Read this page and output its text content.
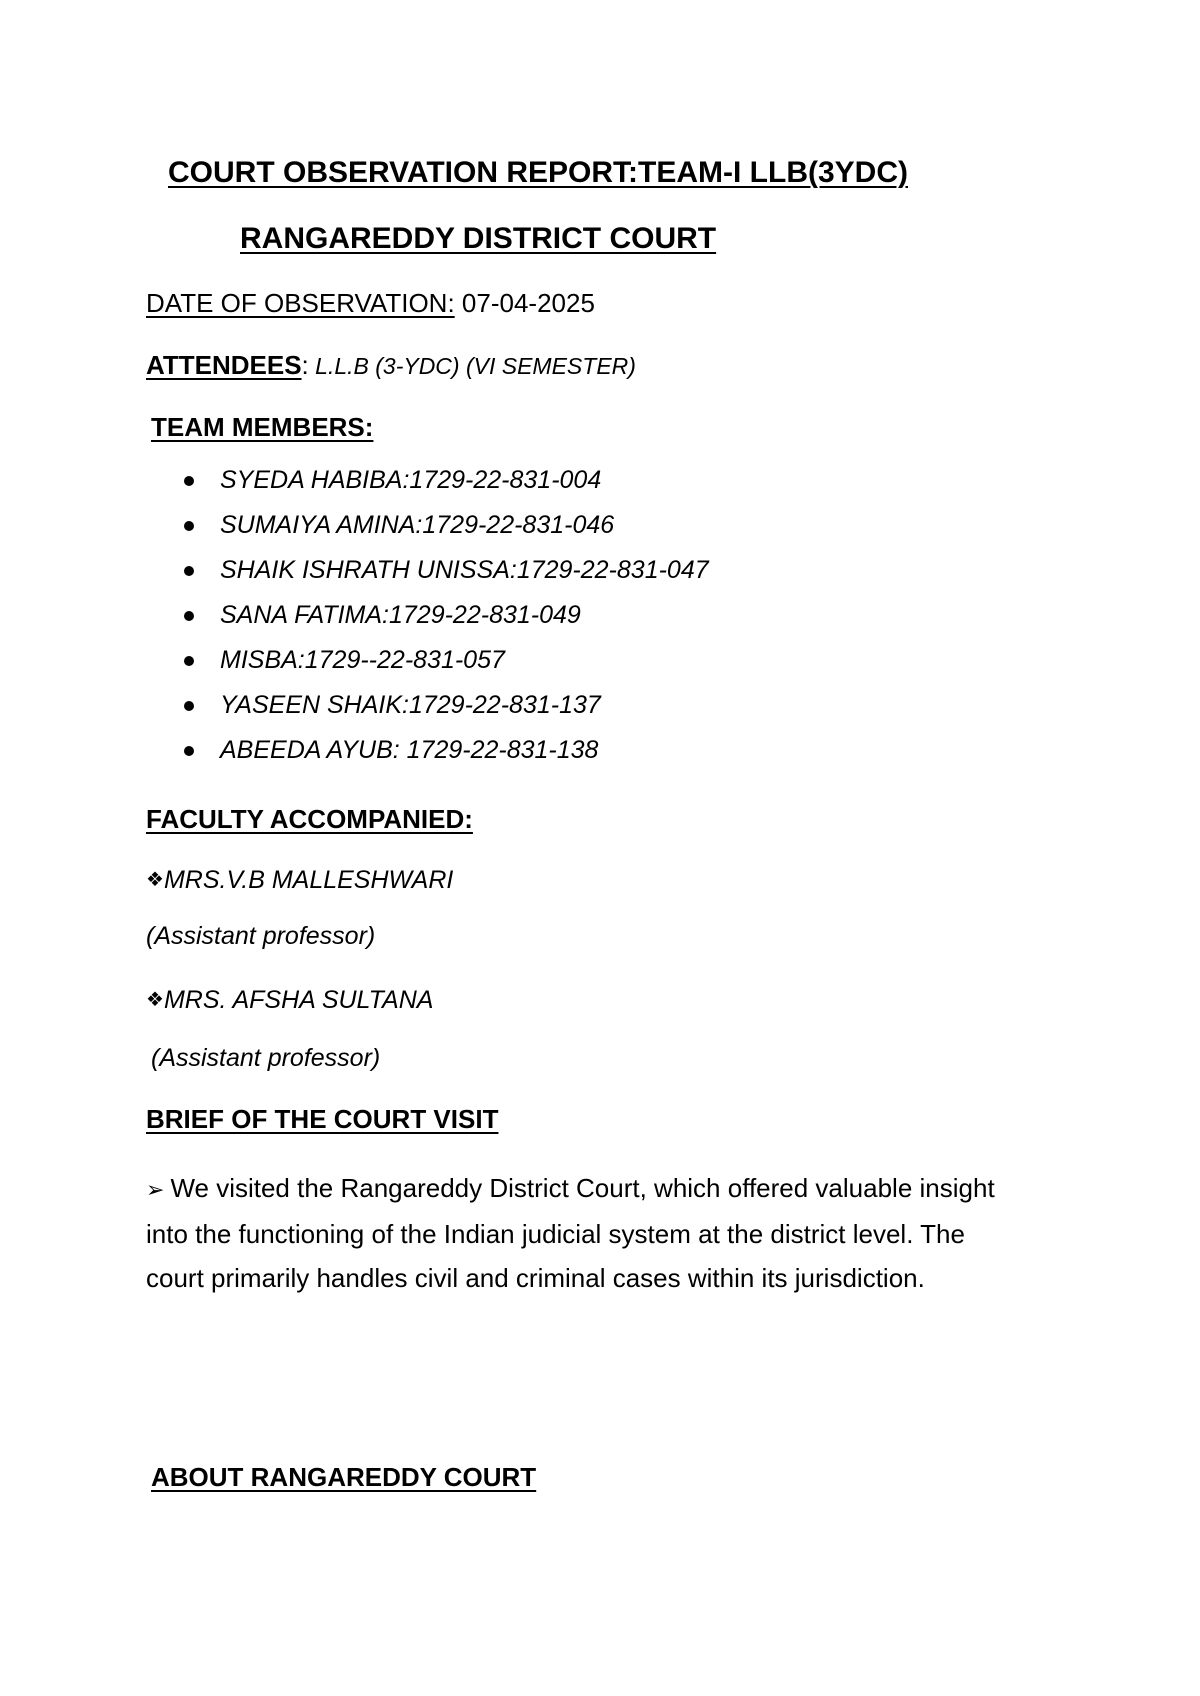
COURT OBSERVATION REPORT:TEAM-I LLB(3YDC)
RANGAREDDY DISTRICT COURT
DATE OF OBSERVATION: 07-04-2025
ATTENDEES: L.L.B (3-YDC) (VI SEMESTER)
TEAM MEMBERS:
SYEDA HABIBA:1729-22-831-004
SUMAIYA AMINA:1729-22-831-046
SHAIK ISHRATH UNISSA:1729-22-831-047
SANA FATIMA:1729-22-831-049
MISBA:1729--22-831-057
YASEEN SHAIK:1729-22-831-137
ABEEDA AYUB: 1729-22-831-138
FACULTY ACCOMPANIED:
❖MRS.V.B MALLESHWARI
(Assistant professor)
❖MRS. AFSHA SULTANA
(Assistant professor)
BRIEF OF THE COURT VISIT
➢ We visited the Rangareddy District Court, which offered valuable insight into the functioning of the Indian judicial system at the district level. The court primarily handles civil and criminal cases within its jurisdiction.
ABOUT RANGAREDDY COURT
